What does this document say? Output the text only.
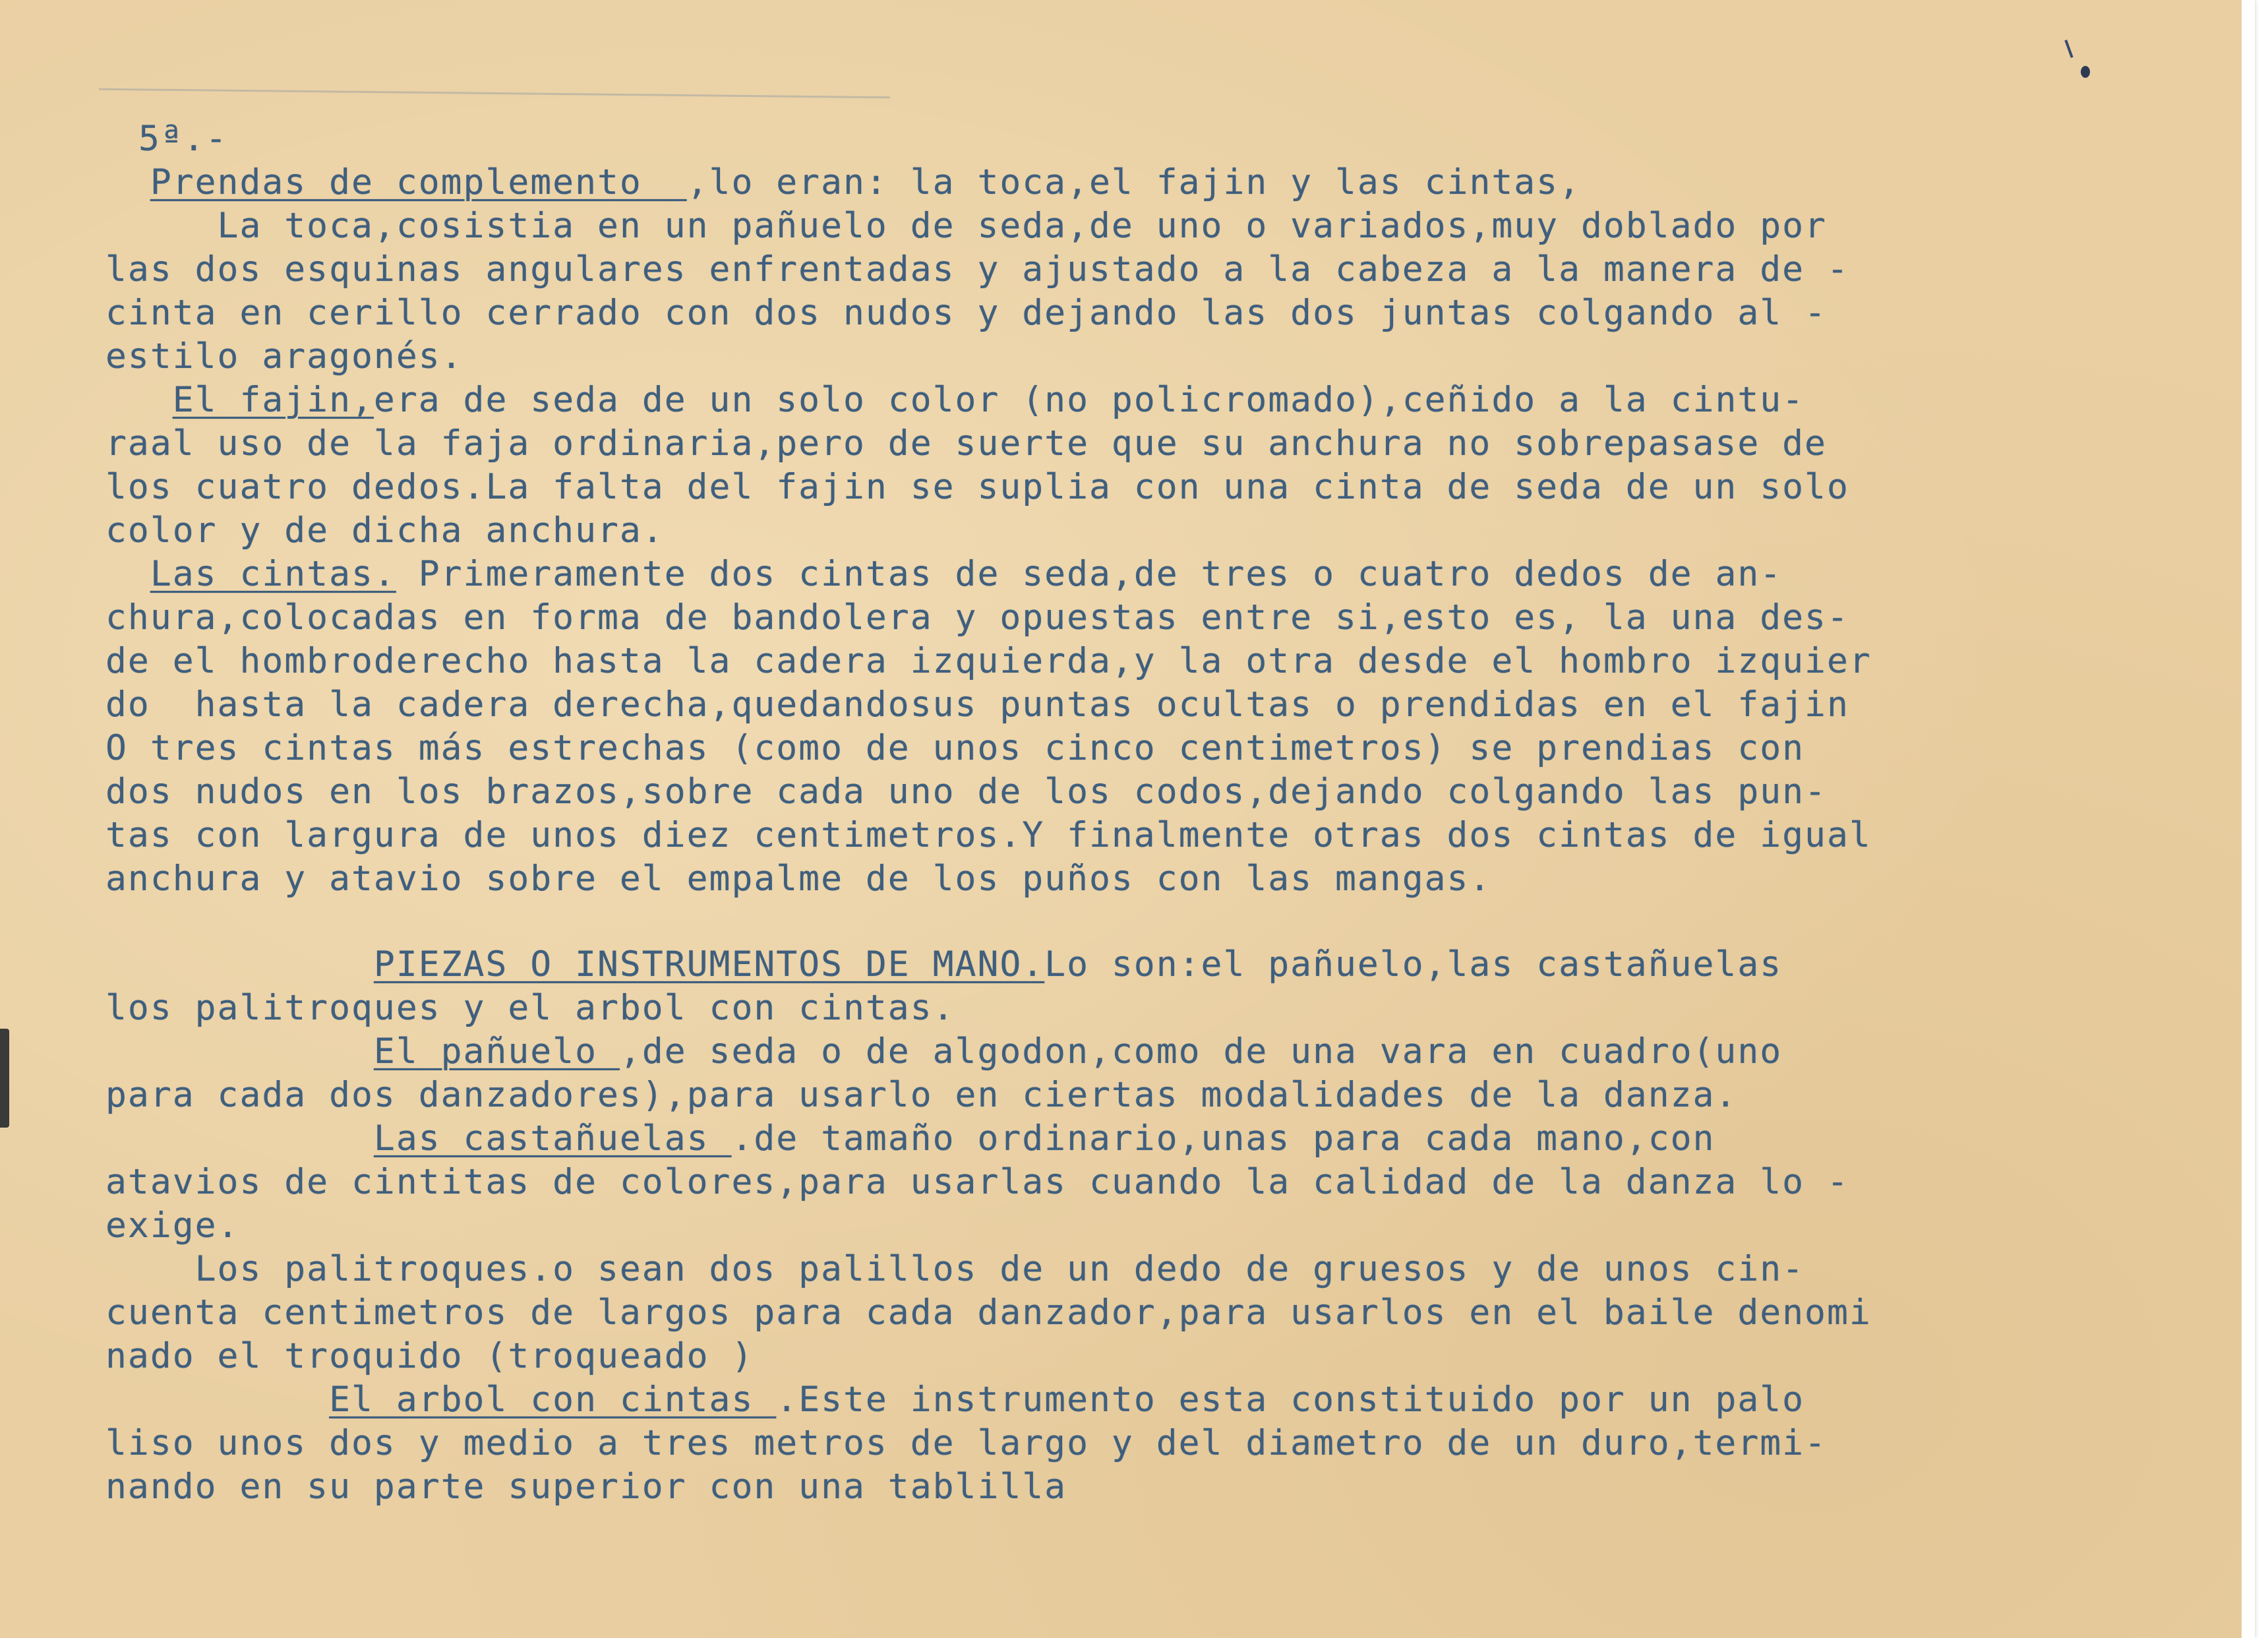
5ª.-
Prendas de complemento  ,lo eran: la toca,el fajin y las cintas,
La toca,cosistia en un pañuelo de seda,de uno o variados,muy doblado por
las dos esquinas angulares enfrentadas y ajustado a la cabeza a la manera de -
cinta en cerillo cerrado con dos nudos y dejando las dos juntas colgando al -
estilo aragonés.
El fajin,era de seda de un solo color (no policromado),ceñido a la cintu-
raal uso de la faja ordinaria,pero de suerte que su anchura no sobrepasase de
los cuatro dedos.La falta del fajin se suplia con una cinta de seda de un solo
color y de dicha anchura.
Las cintas. Primeramente dos cintas de seda,de tres o cuatro dedos de an-
chura,colocadas en forma de bandolera y opuestas entre si,esto es, la una des-
de el hombroderecho hasta la cadera izquierda,y la otra desde el hombro izquier
do  hasta la cadera derecha,quedandosus puntas ocultas o prendidas en el fajin
O tres cintas más estrechas (como de unos cinco centimetros) se prendias con
dos nudos en los brazos,sobre cada uno de los codos,dejando colgando las pun-
tas con largura de unos diez centimetros.Y finalmente otras dos cintas de igual
anchura y atavio sobre el empalme de los puños con las mangas.
PIEZAS O INSTRUMENTOS DE MANO.Lo son:el pañuelo,las castañuelas
los palitroques y el arbol con cintas.
El pañuelo ,de seda o de algodon,como de una vara en cuadro(uno
para cada dos danzadores),para usarlo en ciertas modalidades de la danza.
Las castañuelas .de tamaño ordinario,unas para cada mano,con
atavios de cintitas de colores,para usarlas cuando la calidad de la danza lo -
exige.
Los palitroques.o sean dos palillos de un dedo de gruesos y de unos cin-
cuenta centimetros de largos para cada danzador,para usarlos en el baile denomi
nado el troquido (troqueado )
El arbol con cintas .Este instrumento esta constituido por un palo
liso unos dos y medio a tres metros de largo y del diametro de un duro,termi-
nando en su parte superior con una tablilla
